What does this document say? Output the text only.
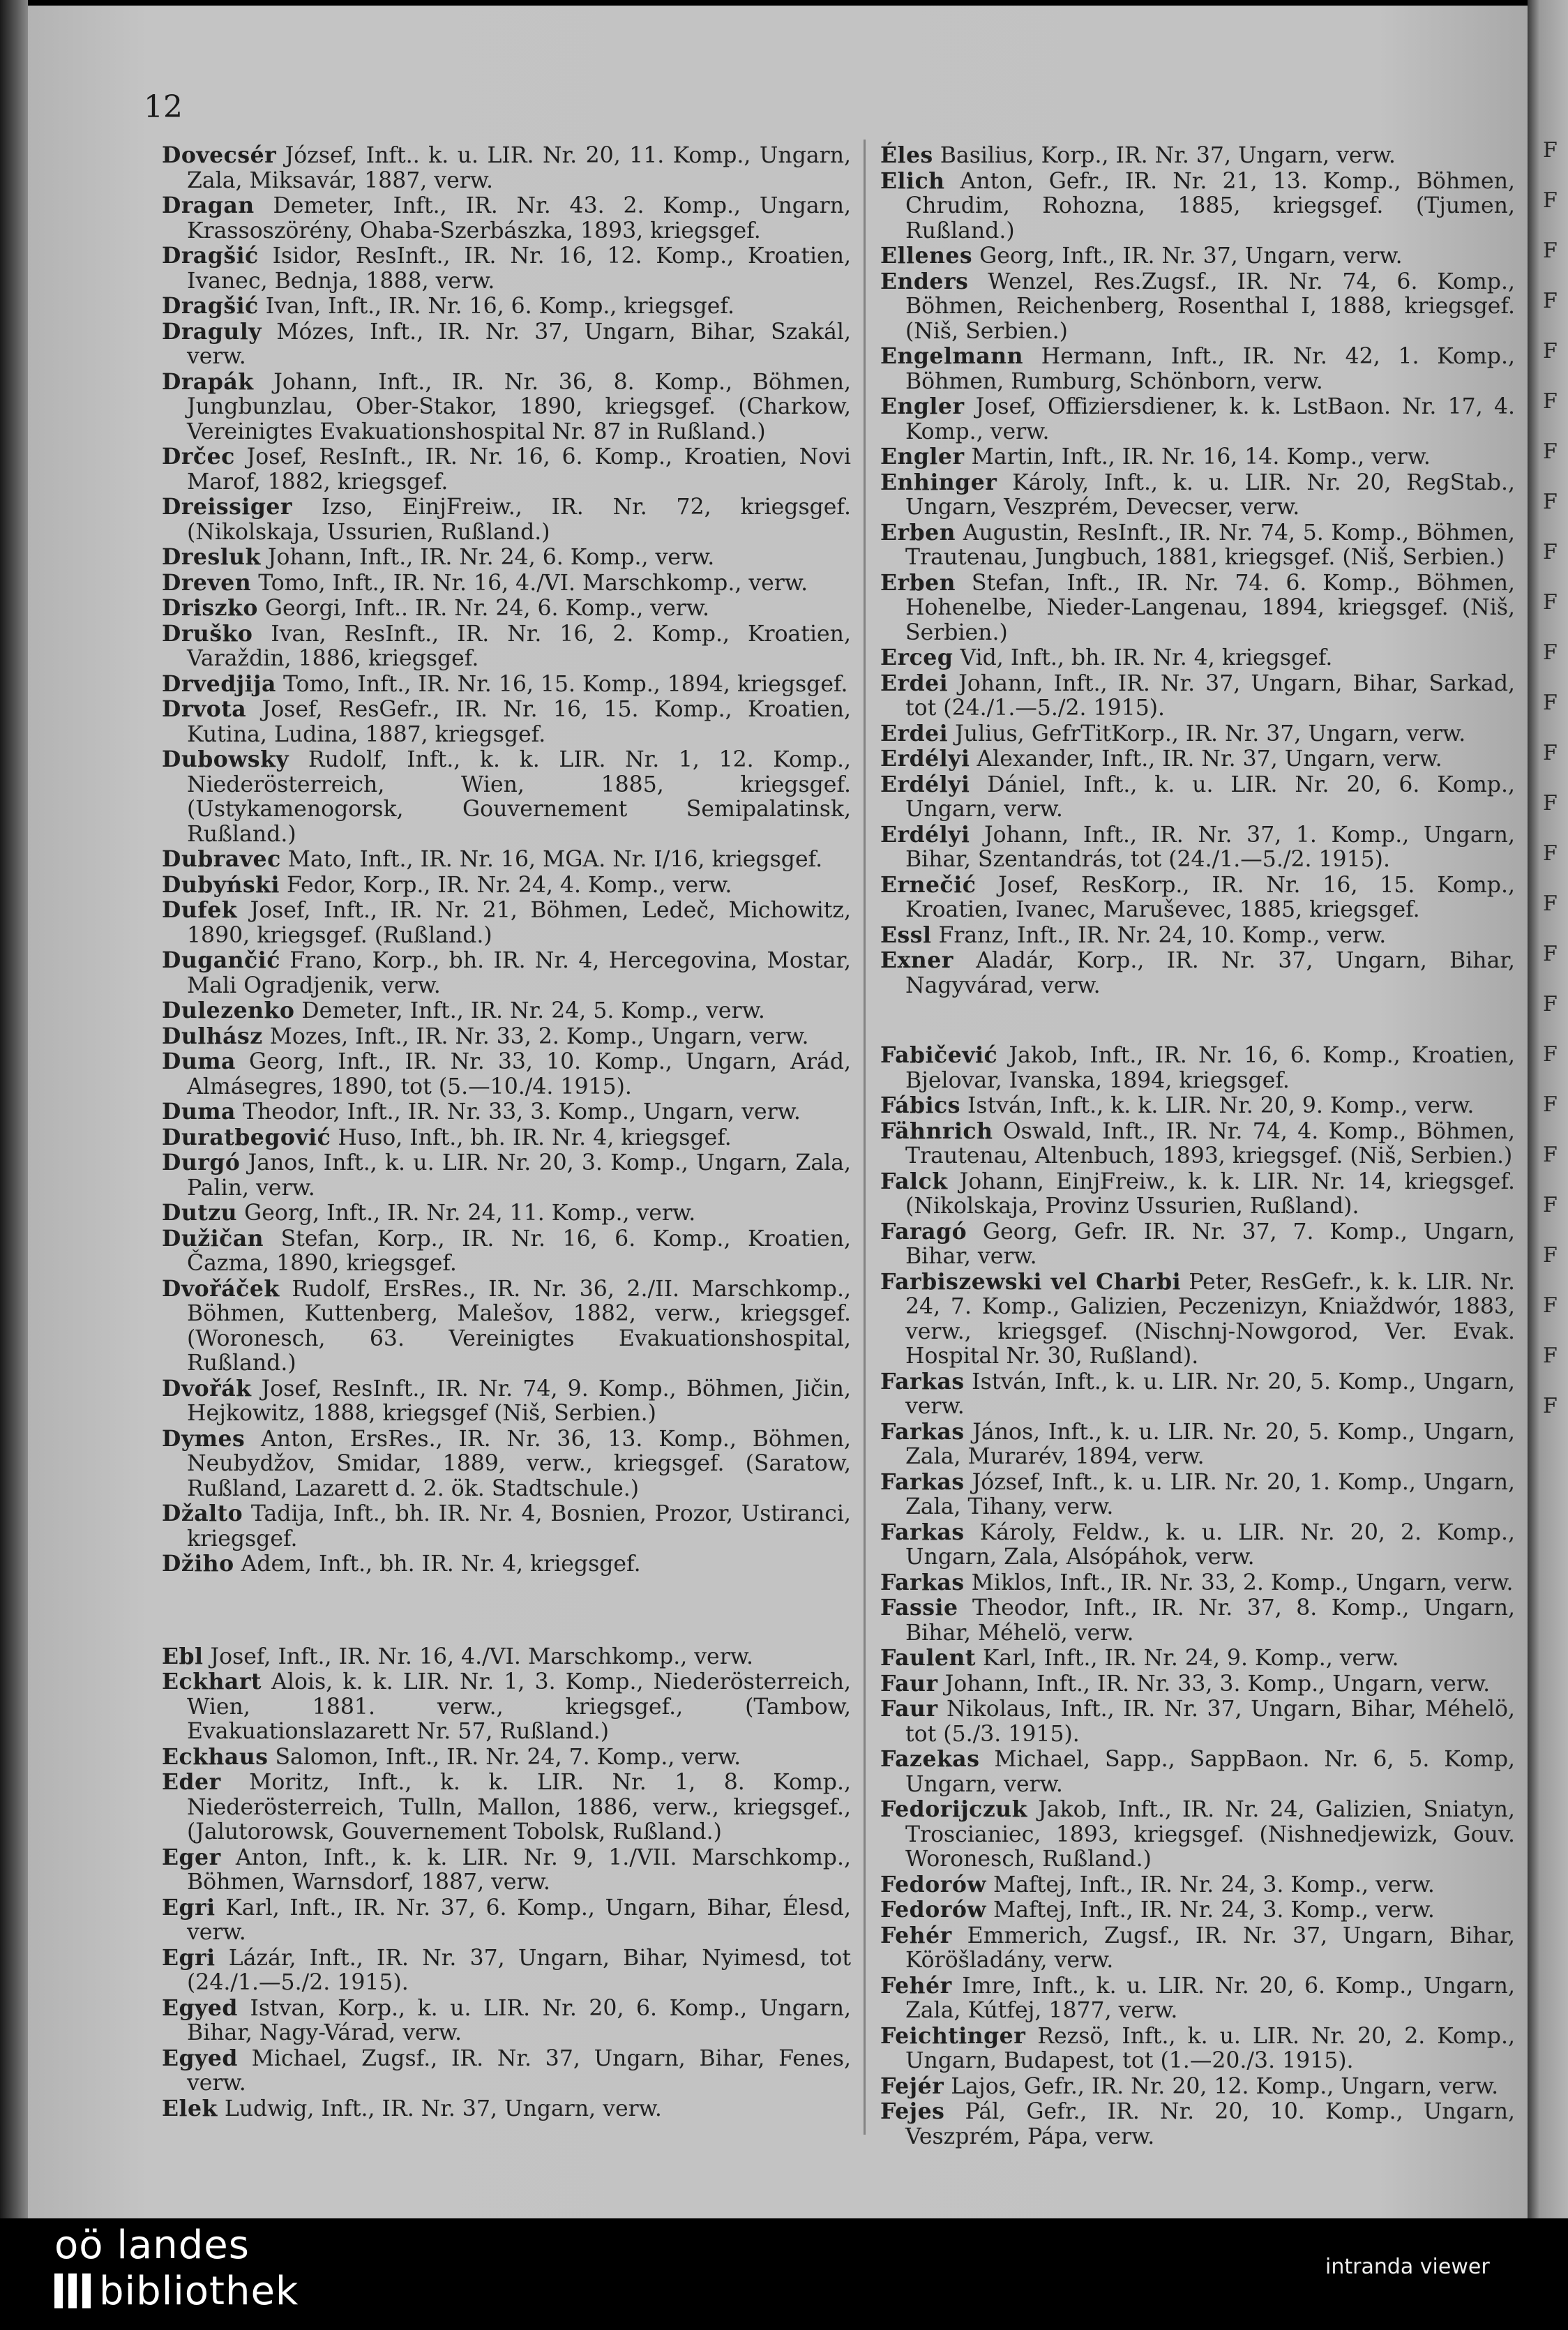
F
F
F
F
F
F
F
F
F
F
F
F
F
F
F
F
F
F
F
F
F
F
F
F
F
F
12
Dovecsér József, Inft.. k. u. LIR. Nr. 20, 11. Komp., Ungarn, Zala, Miksavár, 1887, verw.
Dragan Demeter, Inft., IR. Nr. 43. 2. Komp., Ungarn, Krassoszörény, Ohaba-Szerbászka, 1893, kriegsgef.
Dragšić Isidor, ResInft., IR. Nr. 16, 12. Komp., Kroatien, Ivanec, Bednja, 1888, verw.
Dragšić Ivan, Inft., IR. Nr. 16, 6. Komp., kriegsgef.
Draguly Mózes, Inft., IR. Nr. 37, Ungarn, Bihar, Szakál, verw.
Drapák Johann, Inft., IR. Nr. 36, 8. Komp., Böhmen, Jungbunzlau, Ober-Stakor, 1890, kriegsgef. (Charkow, Vereinigtes Evakuationshospital Nr. 87 in Rußland.)
Drčec Josef, ResInft., IR. Nr. 16, 6. Komp., Kroatien, Novi Marof, 1882, kriegsgef.
Dreissiger Izso, EinjFreiw., IR. Nr. 72, kriegsgef. (Nikolskaja, Ussurien, Rußland.)
Dresluk Johann, Inft., IR. Nr. 24, 6. Komp., verw.
Dreven Tomo, Inft., IR. Nr. 16, 4./VI. Marschkomp., verw.
Driszko Georgi, Inft.. IR. Nr. 24, 6. Komp., verw.
Druško Ivan, ResInft., IR. Nr. 16, 2. Komp., Kroatien, Varaždin, 1886, kriegsgef.
Drvedjija Tomo, Inft., IR. Nr. 16, 15. Komp., 1894, kriegsgef.
Drvota Josef, ResGefr., IR. Nr. 16, 15. Komp., Kroatien, Kutina, Ludina, 1887, kriegsgef.
Dubowsky Rudolf, Inft., k. k. LIR. Nr. 1, 12. Komp., Niederösterreich, Wien, 1885, kriegsgef. (Ustykamenogorsk, Gouvernement Semipalatinsk, Rußland.)
Dubravec Mato, Inft., IR. Nr. 16, MGA. Nr. I/16, kriegsgef.
Dubyński Fedor, Korp., IR. Nr. 24, 4. Komp., verw.
Dufek Josef, Inft., IR. Nr. 21, Böhmen, Ledeč, Michowitz, 1890, kriegsgef. (Rußland.)
Dugančić Frano, Korp., bh. IR. Nr. 4, Hercegovina, Mostar, Mali Ogradjenik, verw.
Dulezenko Demeter, Inft., IR. Nr. 24, 5. Komp., verw.
Dulhász Mozes, Inft., IR. Nr. 33, 2. Komp., Ungarn, verw.
Duma Georg, Inft., IR. Nr. 33, 10. Komp., Ungarn, Arád, Almásegres, 1890, tot (5.—10./4. 1915).
Duma Theodor, Inft., IR. Nr. 33, 3. Komp., Ungarn, verw.
Duratbegović Huso, Inft., bh. IR. Nr. 4, kriegsgef.
Durgó Janos, Inft., k. u. LIR. Nr. 20, 3. Komp., Ungarn, Zala, Palin, verw.
Dutzu Georg, Inft., IR. Nr. 24, 11. Komp., verw.
Dužičan Stefan, Korp., IR. Nr. 16, 6. Komp., Kroatien, Čazma, 1890, kriegsgef.
Dvořáček Rudolf, ErsRes., IR. Nr. 36, 2./II. Marschkomp., Böhmen, Kuttenberg, Malešov, 1882, verw., kriegsgef. (Woronesch, 63. Vereinigtes Evakuationshospital, Rußland.)
Dvořák Josef, ResInft., IR. Nr. 74, 9. Komp., Böhmen, Jičin, Hejkowitz, 1888, kriegsgef (Niš, Serbien.)
Dymes Anton, ErsRes., IR. Nr. 36, 13. Komp., Böhmen, Neubydžov, Smidar, 1889, verw., kriegsgef. (Saratow, Rußland, Lazarett d. 2. ök. Stadtschule.)
Džalto Tadija, Inft., bh. IR. Nr. 4, Bosnien, Prozor, Ustiranci, kriegsgef.
Džiho Adem, Inft., bh. IR. Nr. 4, kriegsgef.
Ebl Josef, Inft., IR. Nr. 16, 4./VI. Marschkomp., verw.
Eckhart Alois, k. k. LIR. Nr. 1, 3. Komp., Niederösterreich, Wien, 1881. verw., kriegsgef., (Tambow, Evakuationslazarett Nr. 57, Rußland.)
Eckhaus Salomon, Inft., IR. Nr. 24, 7. Komp., verw.
Eder Moritz, Inft., k. k. LIR. Nr. 1, 8. Komp., Niederösterreich, Tulln, Mallon, 1886, verw., kriegsgef., (Jalutorowsk, Gouvernement Tobolsk, Rußland.)
Eger Anton, Inft., k. k. LIR. Nr. 9, 1./VII. Marschkomp., Böhmen, Warnsdorf, 1887, verw.
Egri Karl, Inft., IR. Nr. 37, 6. Komp., Ungarn, Bihar, Élesd, verw.
Egri Lázár, Inft., IR. Nr. 37, Ungarn, Bihar, Nyimesd, tot (24./1.—5./2. 1915).
Egyed Istvan, Korp., k. u. LIR. Nr. 20, 6. Komp., Ungarn, Bihar, Nagy-Várad, verw.
Egyed Michael, Zugsf., IR. Nr. 37, Ungarn, Bihar, Fenes, verw.
Elek Ludwig, Inft., IR. Nr. 37, Ungarn, verw.
Éles Basilius, Korp., IR. Nr. 37, Ungarn, verw.
Elich Anton, Gefr., IR. Nr. 21, 13. Komp., Böhmen, Chrudim, Rohozna, 1885, kriegsgef. (Tjumen, Rußland.)
Ellenes Georg, Inft., IR. Nr. 37, Ungarn, verw.
Enders Wenzel, Res.Zugsf., IR. Nr. 74, 6. Komp., Böhmen, Reichenberg, Rosenthal I, 1888, kriegsgef. (Niš, Serbien.)
Engelmann Hermann, Inft., IR. Nr. 42, 1. Komp., Böhmen, Rumburg, Schönborn, verw.
Engler Josef, Offiziersdiener, k. k. LstBaon. Nr. 17, 4. Komp., verw.
Engler Martin, Inft., IR. Nr. 16, 14. Komp., verw.
Enhinger Károly, Inft., k. u. LIR. Nr. 20, RegStab., Ungarn, Veszprém, Devecser, verw.
Erben Augustin, ResInft., IR. Nr. 74, 5. Komp., Böhmen, Trautenau, Jungbuch, 1881, kriegsgef. (Niš, Serbien.)
Erben Stefan, Inft., IR. Nr. 74. 6. Komp., Böhmen, Hohenelbe, Nieder-Langenau, 1894, kriegsgef. (Niš, Serbien.)
Erceg Vid, Inft., bh. IR. Nr. 4, kriegsgef.
Erdei Johann, Inft., IR. Nr. 37, Ungarn, Bihar, Sarkad, tot (24./1.—5./2. 1915).
Erdei Julius, GefrTitKorp., IR. Nr. 37, Ungarn, verw.
Erdélyi Alexander, Inft., IR. Nr. 37, Ungarn, verw.
Erdélyi Dániel, Inft., k. u. LIR. Nr. 20, 6. Komp., Ungarn, verw.
Erdélyi Johann, Inft., IR. Nr. 37, 1. Komp., Ungarn, Bihar, Szentandrás, tot (24./1.—5./2. 1915).
Ernečić Josef, ResKorp., IR. Nr. 16, 15. Komp., Kroatien, Ivanec, Maruševec, 1885, kriegsgef.
Essl Franz, Inft., IR. Nr. 24, 10. Komp., verw.
Exner Aladár, Korp., IR. Nr. 37, Ungarn, Bihar, Nagyvárad, verw.
Fabičević Jakob, Inft., IR. Nr. 16, 6. Komp., Kroatien, Bjelovar, Ivanska, 1894, kriegsgef.
Fábics István, Inft., k. k. LIR. Nr. 20, 9. Komp., verw.
Fähnrich Oswald, Inft., IR. Nr. 74, 4. Komp., Böhmen, Trautenau, Altenbuch, 1893, kriegsgef. (Niš, Serbien.)
Falck Johann, EinjFreiw., k. k. LIR. Nr. 14, kriegsgef. (Nikolskaja, Provinz Ussurien, Rußland).
Faragó Georg, Gefr. IR. Nr. 37, 7. Komp., Ungarn, Bihar, verw.
Farbiszewski vel Charbi Peter, ResGefr., k. k. LIR. Nr. 24, 7. Komp., Galizien, Peczenizyn, Kniaždwór, 1883, verw., kriegsgef. (Nischnj-Nowgorod, Ver. Evak. Hospital Nr. 30, Rußland).
Farkas István, Inft., k. u. LIR. Nr. 20, 5. Komp., Ungarn, verw.
Farkas János, Inft., k. u. LIR. Nr. 20, 5. Komp., Ungarn, Zala, Murarév, 1894, verw.
Farkas József, Inft., k. u. LIR. Nr. 20, 1. Komp., Ungarn, Zala, Tihany, verw.
Farkas Károly, Feldw., k. u. LIR. Nr. 20, 2. Komp., Ungarn, Zala, Alsópáhok, verw.
Farkas Miklos, Inft., IR. Nr. 33, 2. Komp., Ungarn, verw.
Fassie Theodor, Inft., IR. Nr. 37, 8. Komp., Ungarn, Bihar, Méhelö, verw.
Faulent Karl, Inft., IR. Nr. 24, 9. Komp., verw.
Faur Johann, Inft., IR. Nr. 33, 3. Komp., Ungarn, verw.
Faur Nikolaus, Inft., IR. Nr. 37, Ungarn, Bihar, Méhelö, tot (5./3. 1915).
Fazekas Michael, Sapp., SappBaon. Nr. 6, 5. Komp, Ungarn, verw.
Fedorijczuk Jakob, Inft., IR. Nr. 24, Galizien, Sniatyn, Troscianiec, 1893, kriegsgef. (Nishnedjewizk, Gouv. Woronesch, Rußland.)
Fedorów Maftej, Inft., IR. Nr. 24, 3. Komp., verw.
Fedorów Maftej, Inft., IR. Nr. 24, 3. Komp., verw.
Fehér Emmerich, Zugsf., IR. Nr. 37, Ungarn, Bihar, Köröšladány, verw.
Fehér Imre, Inft., k. u. LIR. Nr. 20, 6. Komp., Ungarn, Zala, Kútfej, 1877, verw.
Feichtinger Rezsö, Inft., k. u. LIR. Nr. 20, 2. Komp., Ungarn, Budapest, tot (1.—20./3. 1915).
Fejér Lajos, Gefr., IR. Nr. 20, 12. Komp., Ungarn, verw.
Fejes Pál, Gefr., IR. Nr. 20, 10. Komp., Ungarn, Veszprém, Pápa, verw.
oö landes
bibliothek
intranda viewer
